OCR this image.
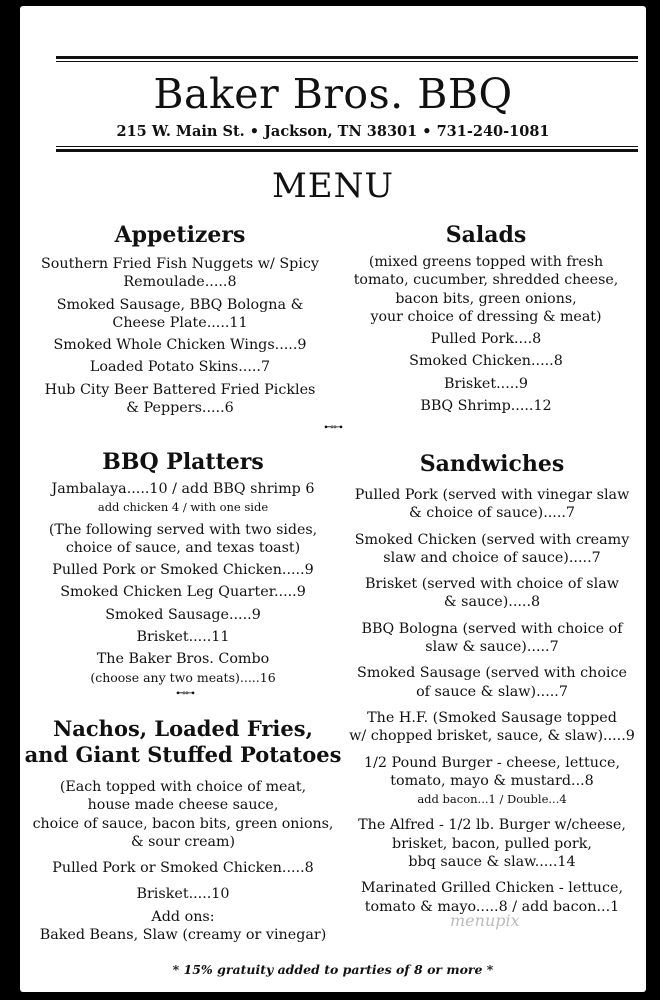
Baker Bros. BBQ
215 W. Main St. • Jackson, TN 38301 • 731-240-1081
MENU
Appetizers
Southern Fried Fish Nuggets w/ Spicy
Remoulade.....8
Smoked Sausage, BBQ Bologna &
Cheese Plate.....11
Smoked Whole Chicken Wings.....9
Loaded Potato Skins.....7
Hub City Beer Battered Fried Pickles
& Peppers.....6
Salads
(mixed greens topped with fresh
tomato, cucumber, shredded cheese,
bacon bits, green onions,
your choice of dressing & meat)
Pulled Pork....8
Smoked Chicken.....8
Brisket.....9
BBQ Shrimp.....12
⊷⊶
BBQ Platters
Jambalaya.....10 / add BBQ shrimp 6
add chicken 4 / with one side
(The following served with two sides,
choice of sauce, and texas toast)
Pulled Pork or Smoked Chicken.....9
Smoked Chicken Leg Quarter.....9
Smoked Sausage.....9
Brisket.....11
The Baker Bros. Combo
(choose any two meats).....16
⊷⊶
Nachos, Loaded Fries,
and Giant Stuffed Potatoes
(Each topped with choice of meat,
house made cheese sauce,
choice of sauce, bacon bits, green onions,
& sour cream)
Pulled Pork or Smoked Chicken.....8
Brisket.....10
Add ons:
Baked Beans, Slaw (creamy or vinegar)
Sandwiches
Pulled Pork (served with vinegar slaw
& choice of sauce).....7
Smoked Chicken (served with creamy
slaw and choice of sauce).....7
Brisket (served with choice of slaw
& sauce).....8
BBQ Bologna (served with choice of
slaw & sauce).....7
Smoked Sausage (served with choice
of sauce & slaw).....7
The H.F. (Smoked Sausage topped
w/ chopped brisket, sauce, & slaw).....9
1/2 Pound Burger - cheese, lettuce,
tomato, mayo & mustard...8
add bacon...1 / Double...4
The Alfred - 1/2 lb. Burger w/cheese,
brisket, bacon, pulled pork,
bbq sauce & slaw.....14
Marinated Grilled Chicken - lettuce,
tomato & mayo.....8 / add bacon...1
* 15% gratuity added to parties of 8 or more *
menupix
